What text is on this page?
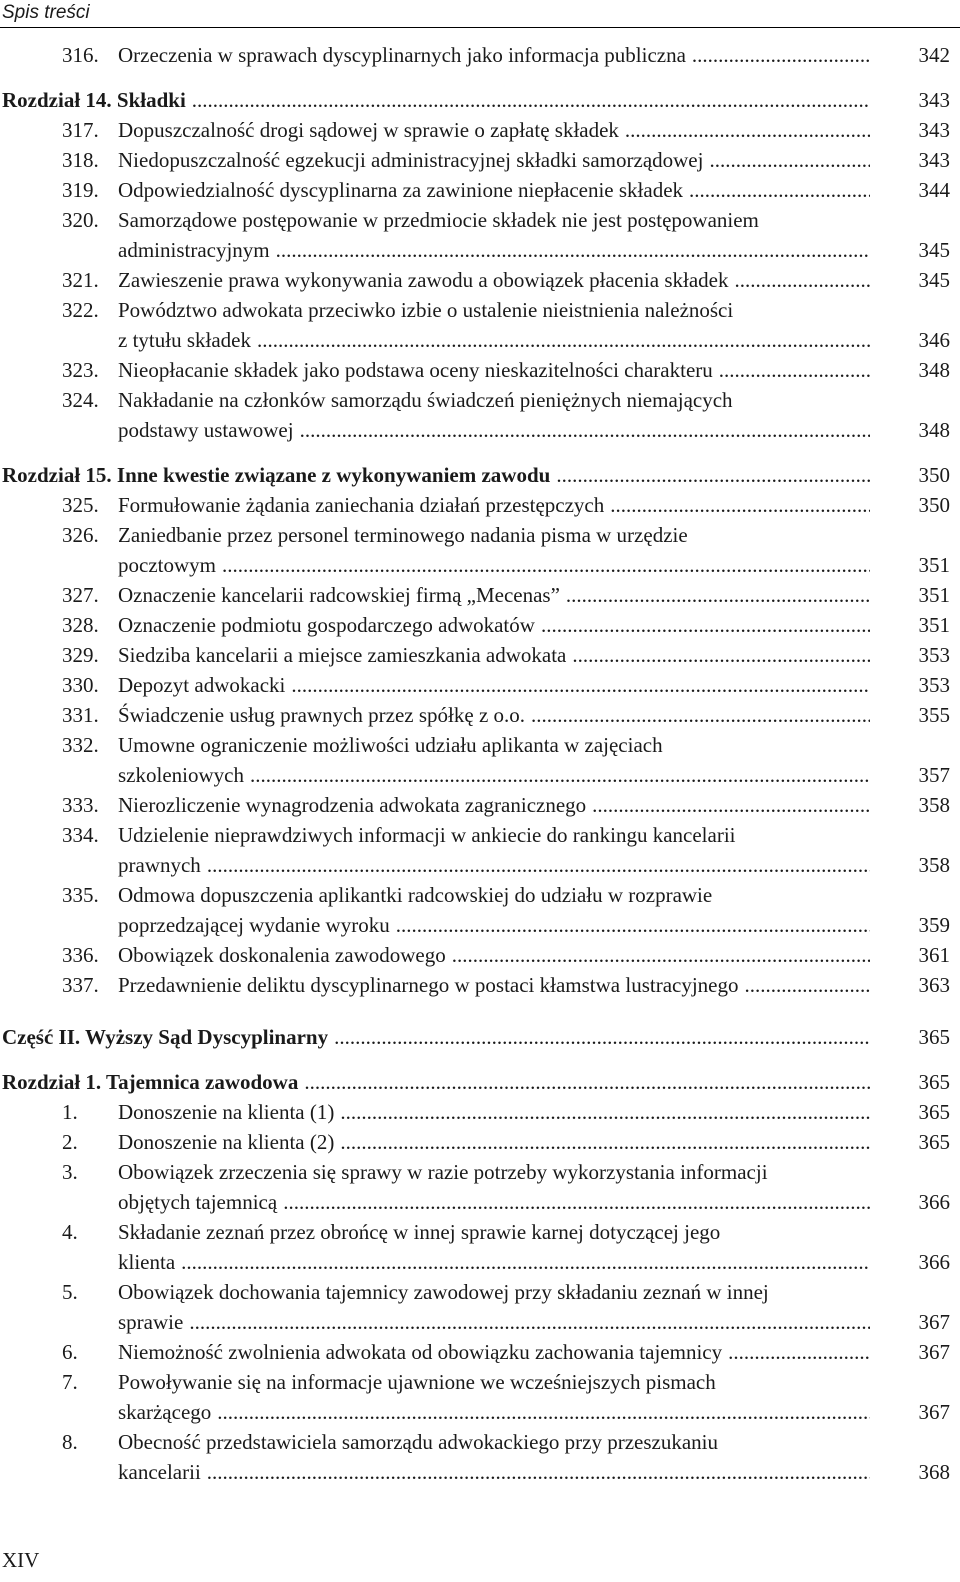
Spis treści
316. Orzeczenia w sprawach dyscyplinarnych jako informacja publiczna .....	342
Rozdział 14. Składki .....	343
317. Dopuszczalność drogi sądowej w sprawie o zapłatę składek .....	343
318. Niedopuszczalność egzekucji administracyjnej składki samorządowej .....	343
319. Odpowiedzialność dyscyplinarna za zawinione niepłacenie składek .....	344
320. Samorządowe postępowanie w przedmiocie składek nie jest postępowaniem
administracyjnym .....	345
321. Zawieszenie prawa wykonywania zawodu a obowiązek płacenia składek .....	345
322. Powództwo adwokata przeciwko izbie o ustalenie nieistnienia należności
z tytułu składek .....	346
323. Nieopłacanie składek jako podstawa oceny nieskazitelności charakteru .....	348
324. Nakładanie na członków samorządu świadczeń pieniężnych niemających
podstawy ustawowej .....	348
Rozdział 15. Inne kwestie związane z wykonywaniem zawodu .....	350
325. Formułowanie żądania zaniechania działań przestępczych .....	350
326. Zaniedbanie przez personel terminowego nadania pisma w urzędzie
pocztowym .....	351
327. Oznaczenie kancelarii radcowskiej firmą „Mecenas” .....	351
328. Oznaczenie podmiotu gospodarczego adwokatów .....	351
329. Siedziba kancelarii a miejsce zamieszkania adwokata .....	353
330. Depozyt adwokacki .....	353
331. Świadczenie usług prawnych przez spółkę z o.o. .....	355
332. Umowne ograniczenie możliwości udziału aplikanta w zajęciach
szkoleniowych .....	357
333. Nierozliczenie wynagrodzenia adwokata zagranicznego .....	358
334. Udzielenie nieprawdziwych informacji w ankiecie do rankingu kancelarii
prawnych .....	358
335. Odmowa dopuszczenia aplikantki radcowskiej do udziału w rozprawie
poprzedzającej wydanie wyroku .....	359
336. Obowiązek doskonalenia zawodowego .....	361
337. Przedawnienie deliktu dyscyplinarnego w postaci kłamstwa lustracyjnego .....	363
Część II. Wyższy Sąd Dyscyplinarny .....	365
Rozdział 1. Tajemnica zawodowa .....	365
1. Donoszenie na klienta (1) .....	365
2. Donoszenie na klienta (2) .....	365
3. Obowiązek zrzeczenia się sprawy w razie potrzeby wykorzystania informacji
objętych tajemnicą .....	366
4. Składanie zeznań przez obrońcę w innej sprawie karnej dotyczącej jego
klienta .....	366
5. Obowiązek dochowania tajemnicy zawodowej przy składaniu zeznań w innej
sprawie .....	367
6. Niemożność zwolnienia adwokata od obowiązku zachowania tajemnicy .....	367
7. Powoływanie się na informacje ujawnione we wcześniejszych pismach
skarżącego .....	367
8. Obecność przedstawiciela samorządu adwokackiego przy przeszukaniu
kancelarii .....	368
XIV
